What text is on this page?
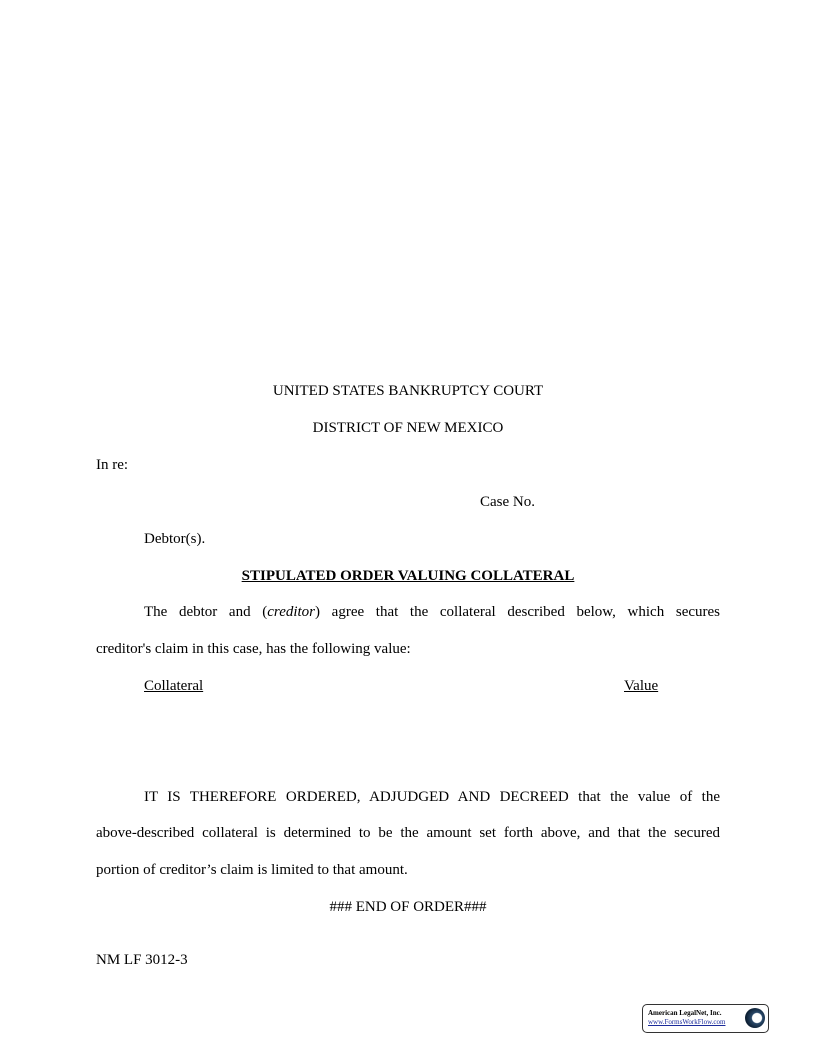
UNITED STATES BANKRUPTCY COURT
DISTRICT OF NEW MEXICO
In re:
Case No.
Debtor(s).
STIPULATED ORDER VALUING COLLATERAL
The debtor and (creditor) agree that the collateral described below, which secures
creditor's claim in this case, has the following value:
Collateral	Value
IT IS THEREFORE ORDERED, ADJUDGED AND DECREED that the value of the
above-described collateral is determined to be the amount set forth above, and that the secured
portion of creditor’s claim is limited to that amount.
### END OF ORDER###
NM LF 3012-3
American LegalNet, Inc.
www.FormsWorkFlow.com
